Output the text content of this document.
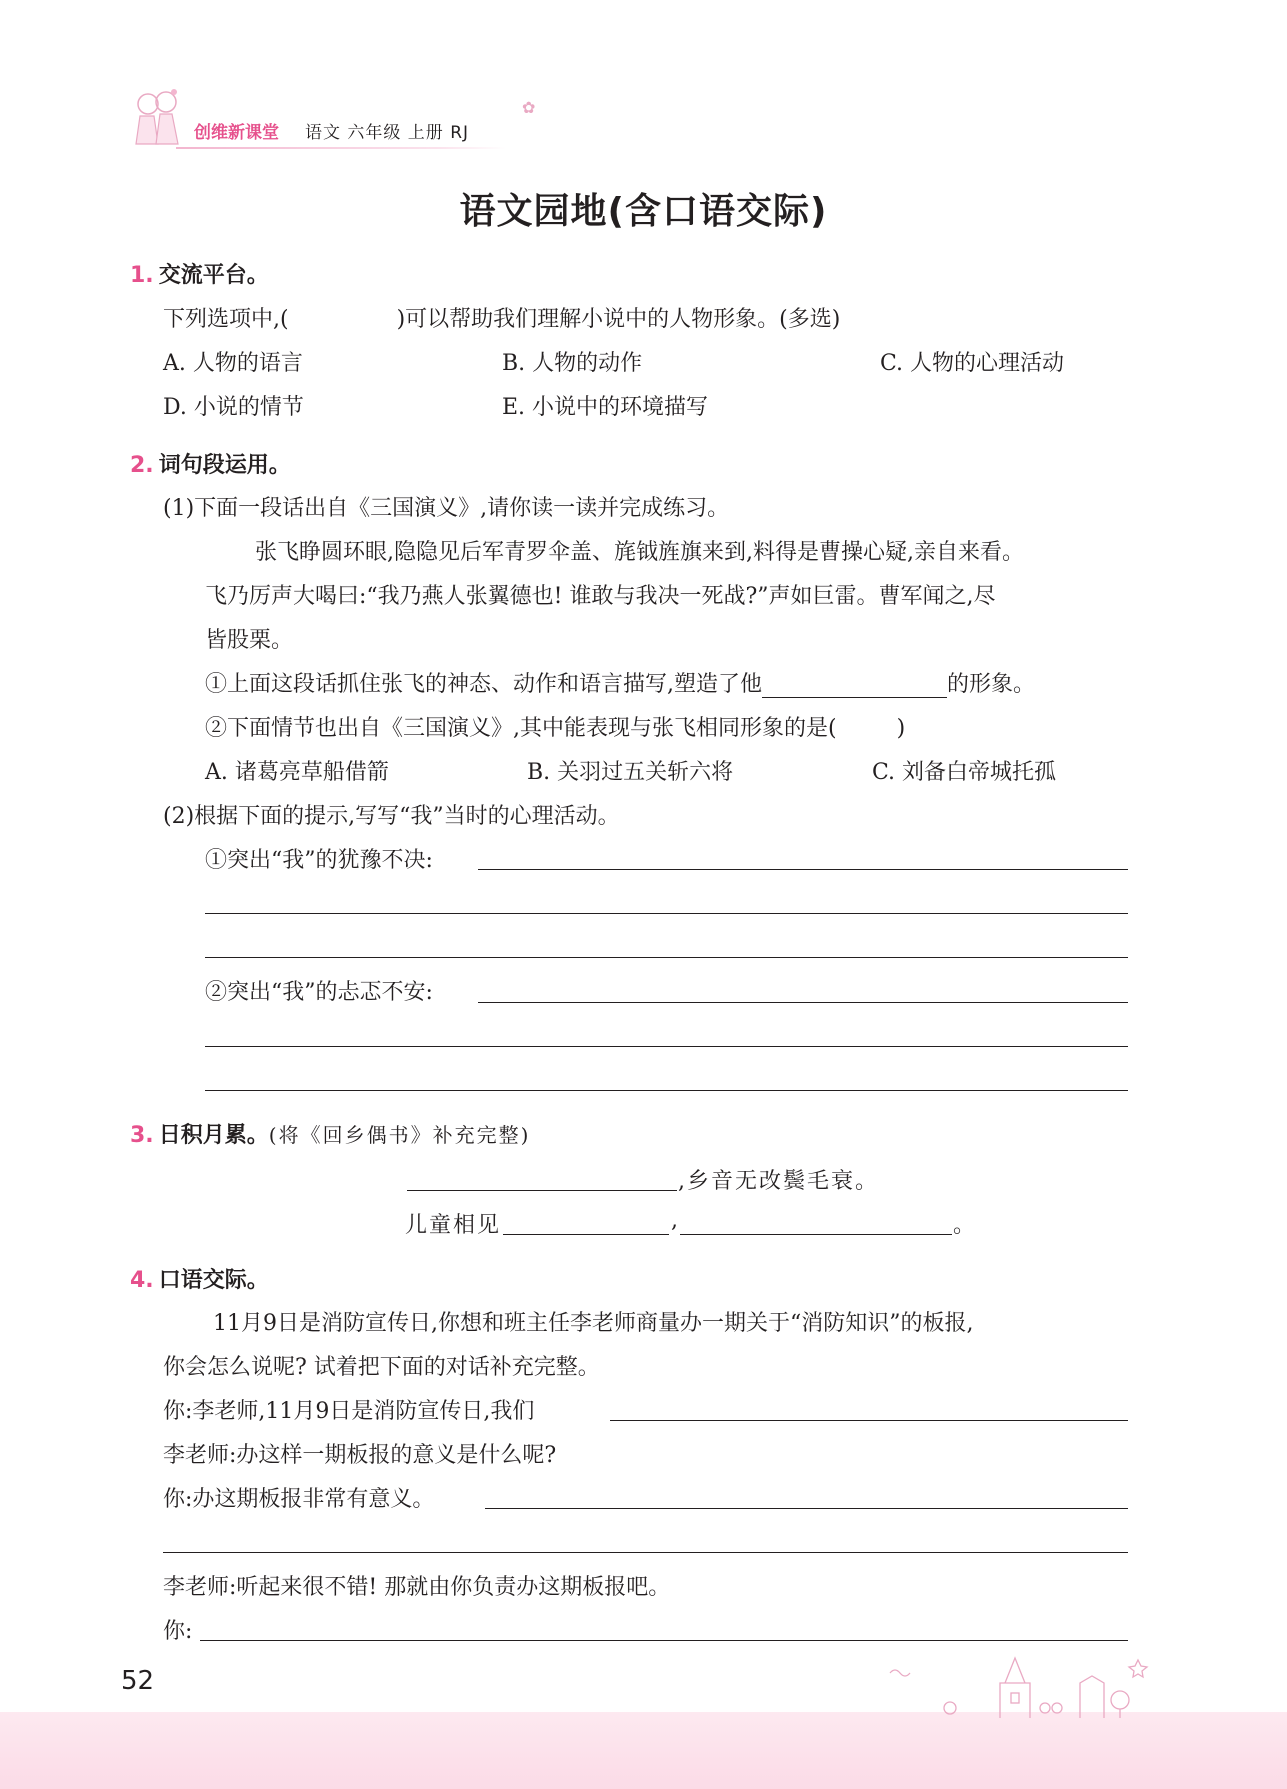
创维新课堂 语文 六年级 上册 RJ
✿
语文园地(含口语交际)
1. 交流平台。
下列选项中,(	)可以帮助我们理解小说中的人物形象。(多选)
A. 人物的语言	B. 人物的动作	C. 人物的心理活动
D. 小说的情节	E. 小说中的环境描写
2. 词句段运用。
(1)下面一段话出自《三国演义》,请你读一读并完成练习。
张飞睁圆环眼,隐隐见后军青罗伞盖、旄钺旌旗来到,料得是曹操心疑,亲自来看。
飞乃厉声大喝曰:“我乃燕人张翼德也! 谁敢与我决一死战?”声如巨雷。曹军闻之,尽
皆股栗。
①上面这段话抓住张飞的神态、动作和语言描写,塑造了他	的形象。
②下面情节也出自《三国演义》,其中能表现与张飞相同形象的是(	)
A. 诸葛亮草船借箭	B. 关羽过五关斩六将	C. 刘备白帝城托孤
(2)根据下面的提示,写写“我”当时的心理活动。
①突出“我”的犹豫不决:
②突出“我”的忐忑不安:
3. 日积月累。(将《回乡偶书》补充完整)
,乡音无改鬓毛衰。
儿童相见	,	。
4. 口语交际。
11月9日是消防宣传日,你想和班主任李老师商量办一期关于“消防知识”的板报,
你会怎么说呢? 试着把下面的对话补充完整。
你:李老师,11月9日是消防宣传日,我们
李老师:办这样一期板报的意义是什么呢?
你:办这期板报非常有意义。
李老师:听起来很不错! 那就由你负责办这期板报吧。
你:
52
